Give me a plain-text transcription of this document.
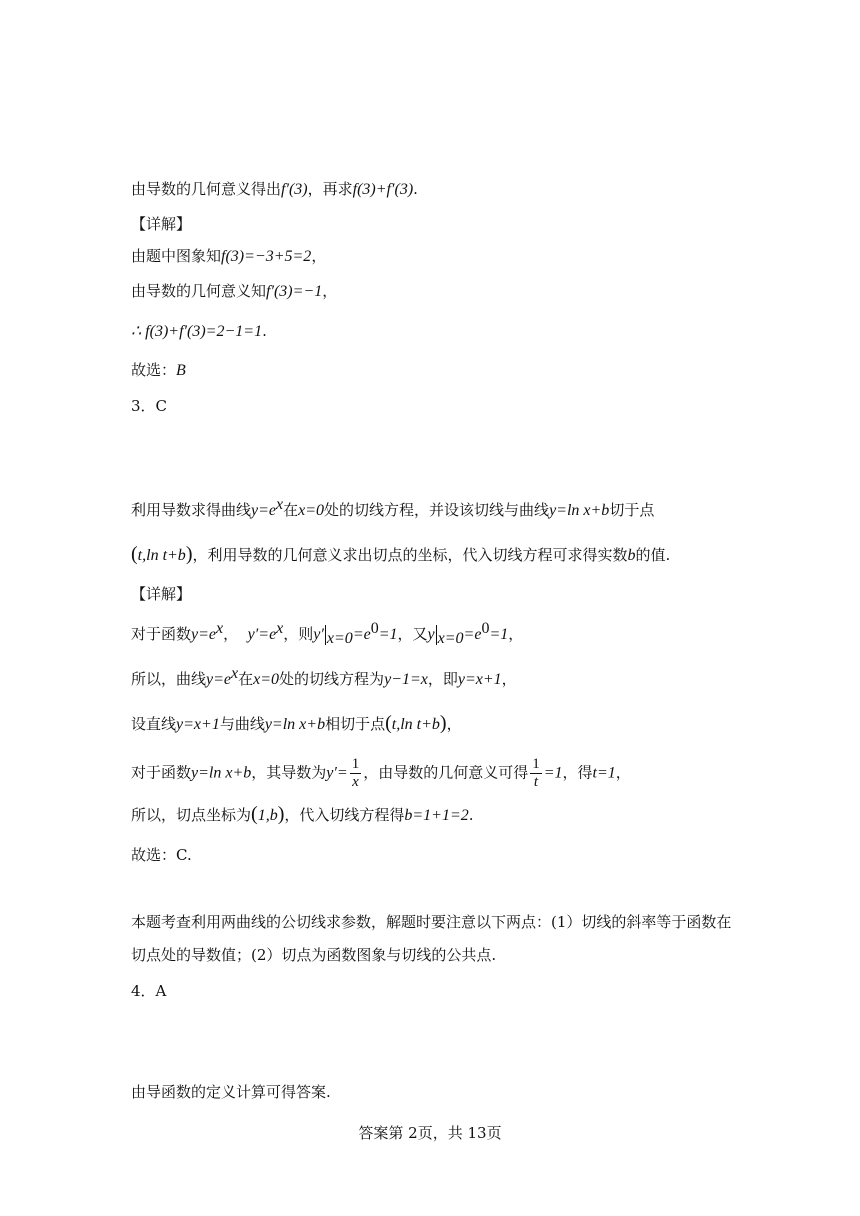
由导数的几何意义得出f′(3)，再求f(3)+f′(3).
【详解】
由题中图象知f(3)=−3+5=2，
由导数的几何意义知f′(3)=−1，
∴ f(3)+f′(3)=2−1=1.
故选：B
3．C
利用导数求得曲线$y=e^x$在x=0处的切线方程，并设该切线与曲线y=ln x+b切于点
(t,ln t+b)，利用导数的几何意义求出切点的坐标，代入切线方程可求得实数b的值.
【详解】
对于函数$y=e^x$，  $y'=e^x$，则y′ $_{x=0}=e^0=1$，又y $_{x=0}=e^0=1$，
所以，曲线$y=e^x$在x=0处的切线方程为y−1=x，即y=x+1，
设直线y=x+1与曲线y=ln x+b相切于点(t,ln t+b)，
对于函数y=ln x+b，其导数为$y'= \frac{1}{x}$ ，由导数的几何意义可得 $\frac{1}{t} =1$，得t=1，
所以，切点坐标为(1,b)，代入切线方程得b=1+1=2.
故选：C.
本题考查利用两曲线的公切线求参数，解题时要注意以下两点：(1）切线的斜率等于函数在
切点处的导数值；(2）切点为函数图象与切线的公共点.
4．A
由导函数的定义计算可得答案.
答案第 2页，共 13页
